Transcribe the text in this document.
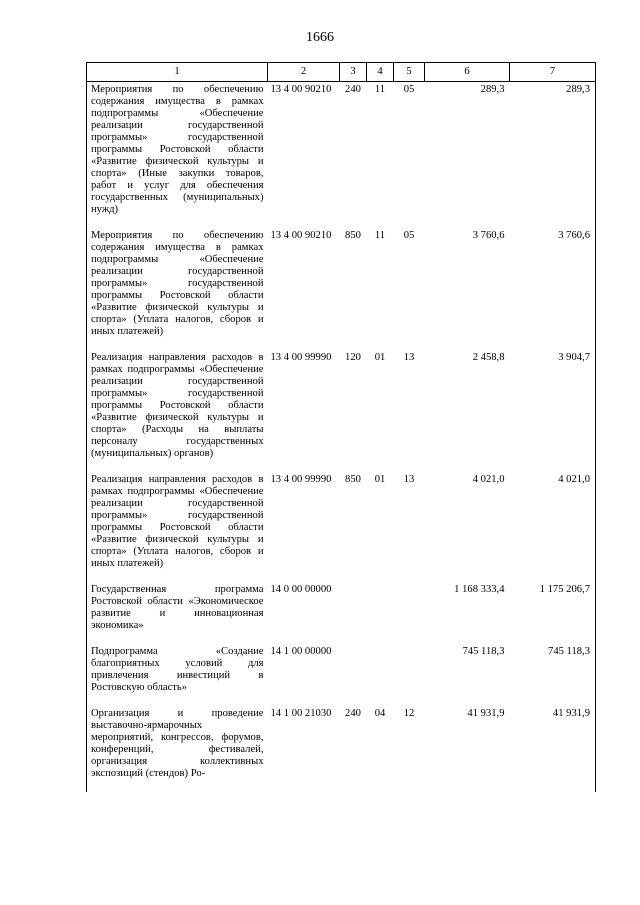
1666
1	2	3	4	5	6	7
Мероприятия по обеспечению содержания имущества в рамках подпрограммы «Обеспечение реализации государственной программы» государственной программы Ростовской области «Развитие физической культуры и спорта» (Иные закупки товаров, работ и услуг для обеспечения государственных (муниципальных) нужд)	13 4 00 90210	240	11	05	289,3	289,3
Мероприятия по обеспечению содержания имущества в рамках подпрограммы «Обеспечение реализации государственной программы» государственной программы Ростовской области «Развитие физической культуры и спорта» (Уплата налогов, сборов и иных платежей)	13 4 00 90210	850	11	05	3 760,6	3 760,6
Реализация направления расходов в рамках подпрограммы «Обеспечение реализации государственной программы» государственной программы Ростовской области «Развитие физической культуры и спорта» (Расходы на выплаты персоналу государственных (муниципальных) органов)	13 4 00 99990	120	01	13	2 458,8	3 904,7
Реализация направления расходов в рамках подпрограммы «Обеспечение реализации государственной программы» государственной программы Ростовской области «Развитие физической культуры и спорта» (Уплата налогов, сборов и иных платежей)	13 4 00 99990	850	01	13	4 021,0	4 021,0
Государственная программа Ростовской области «Экономическое развитие и инновационная экономика»	14 0 00 00000				1 168 333,4	1 175 206,7
Подпрограмма «Создание благоприятных условий для привлечения инвестиций в Ростовскую область»	14 1 00 00000				745 118,3	745 118,3
Организация и проведение выставочно-ярмарочных мероприятий, конгрессов, форумов, конференций, фестивалей, организация коллективных экспозиций (стендов) Ро-	14 1 00 21030	240	04	12	41 931,9	41 931,9
